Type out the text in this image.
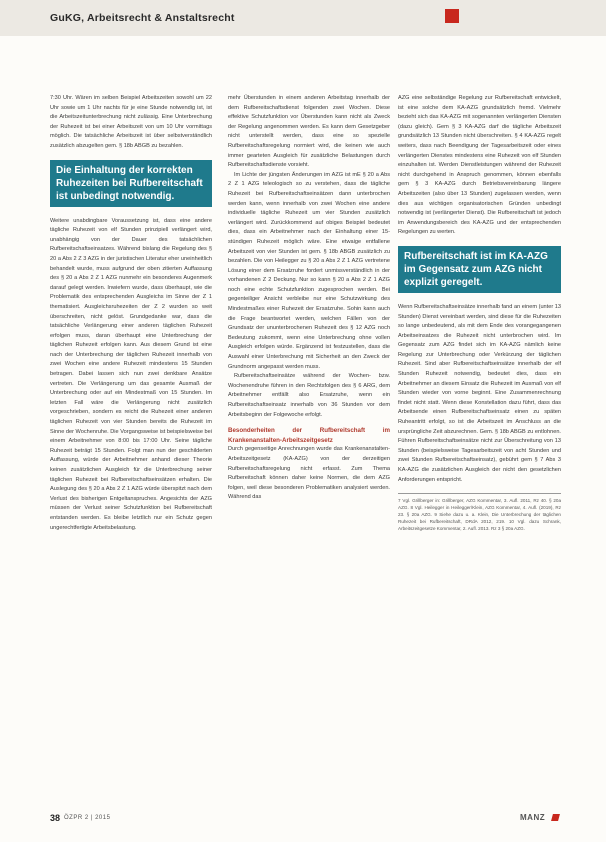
GuKG, Arbeitsrecht & Anstaltsrecht

7:30 Uhr. Wären im selben Beispiel Arbeitszeiten sowohl um 22 Uhr sowie um 1 Uhr nachts für je eine Stunde notwendig ist, ist die Arbeitszeitunterbrechung nicht zulässig. Eine Unterbrechung der Ruhezeit ist bei einer Arbeitszeit von um 10 Uhr vormittags möglich. Die tatsächliche Arbeitszeit ist über selbstverständlich zusätzlich abzugelten gem. § 18b ABGB zu bezahlen.

Die Einhaltung der korrekten Ruhezeiten bei Rufbereitschaft ist unbedingt notwendig.

Weitere unabdingbare Voraussetzung ist, dass eine andere tägliche Ruhezeit von elf Stunden prinzipiell verlängert wird, unabhängig von der Dauer des tatsächlichen Rufbereitschaftseinsatzes. Während bislang die Regelung des § 20 a Abs 2 Z 3 AZG in der juristischen Literatur eher uneinheitlich behandelt wurde, muss aufgrund der oben zitierten Auffassung des § 20 a Abs 2 Z 1 AZG nunmehr ein besonderes Augenmerk darauf gelegt werden. Inwiefern wurde, dass überhaupt, wie die Problematik des entsprechenden Ausgleichs im Sinne der Z 1 thematisiert. Ausgleichsruhezeiten der Z 2 wurden so weit überschreiten, nicht gelöst. Grundgedanke war, dass die tatsächliche Verlängerung einer anderen täglichen Ruhezeit erfolgen muss, daran überhaupt eine Unterbrechung der täglichen Ruhezeit erfolgen kann. Aus diesem Grund ist eine nach der Unterbrechung der täglichen Ruhezeit innerhalb von zwei Wochen eine andere Ruhezeit mindestens 15 Stunden betragen. Dabei lassen sich nun zwei denkbare Ansätze vertreten. Die Verlängerung um das gesamte Ausmaß der Unterbrechung oder auf ein Mindestmaß von 15 Stunden. Im letzten Fall wäre die Verlängerung nicht zusätzlich vorgeschrieben, sondern es reicht die Ruhezeit einer anderen täglichen Ruhezeit von vier Stunden bereits die Ruhezeit im Sinne der Wochenruhe. Die Vorgangsweise ist beispielsweise bei einem Arbeitnehmer von 8:00 bis 17:00 Uhr. Seine tägliche Ruhezeit beträgt 15 Stunden. Folgt man nun der geschilderten Auffassung, würde der Arbeitnehmer anhand dieser Theorie keinen zusätzlichen Ausgleich für die Unterbrechung seiner täglichen Ruhezeit bei Rufbereitschaftseinsätzen erhalten. Die Auslegung des § 20 a Abs 2 Z 1 AZG würde überspitzt nach dem Verlust des bisherigen Entgeltanspruches. Angesichts der AZG müssen der Verlust seiner Schutzfunktion bei Rufbereitschaft entstanden werden. Es bleibe letztlich nur ein Schutz gegen ungerechtfertigte Arbeitsbelastung.

mehr Überstunden in einem anderen Arbeitstag innerhalb der dem Rufbereitschaftsdienst folgenden zwei Wochen. Diese effektive Schutzfunktion vor Überstunden kann nicht als Zweck der Regelung angenommen werden. Es kann dem Gesetzgeber nicht unterstellt werden, dass eine so spezielle Rufbereitschaftsregelung normiert wird, die keinen wie auch immer gearteten Ausgleich für zusätzliche Belastungen durch Rufbereitschaftsdienste vorsieht.

Im Lichte der jüngsten Änderungen im AZG ist mE § 20 a Abs 2 Z 1 AZG teleologisch so zu verstehen, dass die tägliche Ruhezeit bei Rufbereitschaftseinsätzen dann unterbrochen werden kann, wenn innerhalb von zwei Wochen eine andere individuelle tägliche Ruhezeit um vier Stunden zusätzlich verlängert wird. Zurückkommend auf obiges Beispiel bedeutet dies, dass ein Arbeitnehmer nach der Einhaltung einer 15-stündigen Ruhezeit möglich wäre. Eine etwaige entfallene Arbeitszeit von vier Stunden ist gem. § 18b ABGB zusätzlich zu bezahlen. Die von Heilegger zu § 20 a Abs 2 Z 1 AZG vertretene Lösung einer dem Ersatzruhe fordert unmissverständlich in der vorhandenen Z 2 Deckung. Nur so kann § 20 a Abs 2 Z 1 AZG noch eine echte Schutzfunktion zugesprochen werden. Bei gegenteiliger Ansicht verbleibe nur eine Schutzwirkung des Mindestmaßes einer Ruhezeit der Ersatzruhe. Sohin kann auch die Frage beantwortet werden, welchen Fällen von der Grundsatz der ununterbrochenen Ruhezeit des § 12 AZG noch Bedeutung zukommt, wenn eine Unterbrechung ohne vollen Ausgleich erfolgen würde. Ergänzend ist festzustellen, dass die Auswahl einer Unterbrechung mit Sicherheit an den Zweck der Grundnorm angepasst werden muss.

Rufbereitschaftseinsätze während der Wochen- bzw. Wochenendruhe führen in den Rechtsfolgen des § 6 ARG, dem Arbeitnehmer entfällt also Ersatzruhe, wenn ein Rufbereitschaftseinsatz innerhalb von 36 Stunden vor dem Arbeitsbeginn der Folgewoche erfolgt.

Besonderheiten der Rufbereitschaft im Krankenanstalten-Arbeitszeitgesetz

Durch gegenseitige Anrechnungen wurde das Krankenanstalten-Arbeitszeitgesetz (KA-AZG) von der derzeitigen Rufbereitschaftsregelung nicht erfasst. Zum Thema Rufbereitschaft können daher keine Normen, die dem AZG folgen, weil diese besonderen Problematiken analysiert werden. Während das

AZG eine selbständige Regelung zur Rufbereitschaft entwickelt, ist eine solche dem KA-AZG grundsätzlich fremd. Vielmehr bezieht sich das KA-AZG mit sogenannten verlängerten Diensten (dazu gleich). Gem § 3 KA-AZG darf die tägliche Arbeitszeit grundsätzlich 13 Stunden nicht überschreiten. § 4 KA-AZG regelt weiters, dass nach Beendigung der Tagesarbeitszeit oder eines verlängerten Dienstes mindestens eine Ruhezeit von elf Stunden einzuhalten ist. Werden Dienstleistungen während der Ruhezeit nicht durchgehend in Anspruch genommen, können ebenfalls gem § 3 KA-AZG durch Betriebsvereinbarung längere Arbeitszeiten (also über 13 Stunden) zugelassen werden, wenn dies aus wichtigen organisatorischen Gründen unbedingt notwendig ist (verlängerter Dienst). Die Rufbereitschaft ist jedoch im Anwendungsbereich des KA-AZG und der entsprechenden Regelungen zu werten.

Rufbereitschaft ist im KA-AZG im Gegensatz zum AZG nicht explizit geregelt.

Wenn Rufbereitschaftseinsätze innerhalb fand an einem (unter 13 Stunden) Dienst vereinbart werden, sind diese für die Ruhezeiten so lange unbedeutend, als mit dem Ende des vorangegangenen Arbeitseinsatzes die Ruhezeit nicht unterbrochen wird. Im Gegensatz zum AZG findet sich im KA-AZG nämlich keine Regelung zur Unterbrechung oder Verkürzung der täglichen Ruhezeit. Sind aber Rufbereitschaftseinsätze innerhalb der elf Stunden Ruhezeit notwendig, bedeutet dies, dass ein Arbeitnehmer an diesem Einsatz die Ruhezeit im Ausmaß von elf Stunden wieder von vorne beginnt. Eine Zusammenrechnung findet nicht statt. Wenn diese Konstellation dazu führt, dass das Arbeitsende einen Rufbereitschaftseinsatz einen zu späten Ruheantritt erfolgt, so ist die Arbeitszeit im Anschluss an die ursprüngliche Zeit abzurechnen. Gem. § 18b ABGB zu entlohnen. Führen Rufbereitschaftseinsätze nicht zur Überschreitung von 13 Stunden (beispielsweise Tagesarbeitszeit von acht Stunden und zwei Stunden Rufbereitschaftseinsatz), gebührt gem § 7 Abs 3 KA-AZG die zusätzlichen Ausgleich der nicht den gesetzlichen Anforderungen entspricht.

7 Vgl. Grillberger in: Grillberger, AZG Kommentar, 3. Aufl. 2011, Rz 40. § 20a AZG. 8 Vgl. Heilegger in Heilegger/Klein, AZG Kommentar, 4. Aufl. (2019), Rz 23. § 20a AZG. 9 Siehe dazu u. a. Klein, Die Unterbrechung der täglichen Ruhezeit bei Rufbereitschaft, DRdA 2012, 219. 10 Vgl. dazu Schrank, Arbeitszeitgesetze Kommentar, 2. Aufl. 2013. Rz 3 § 20a AZG.
38 ÖZPR 2 | 2015	MANZ
